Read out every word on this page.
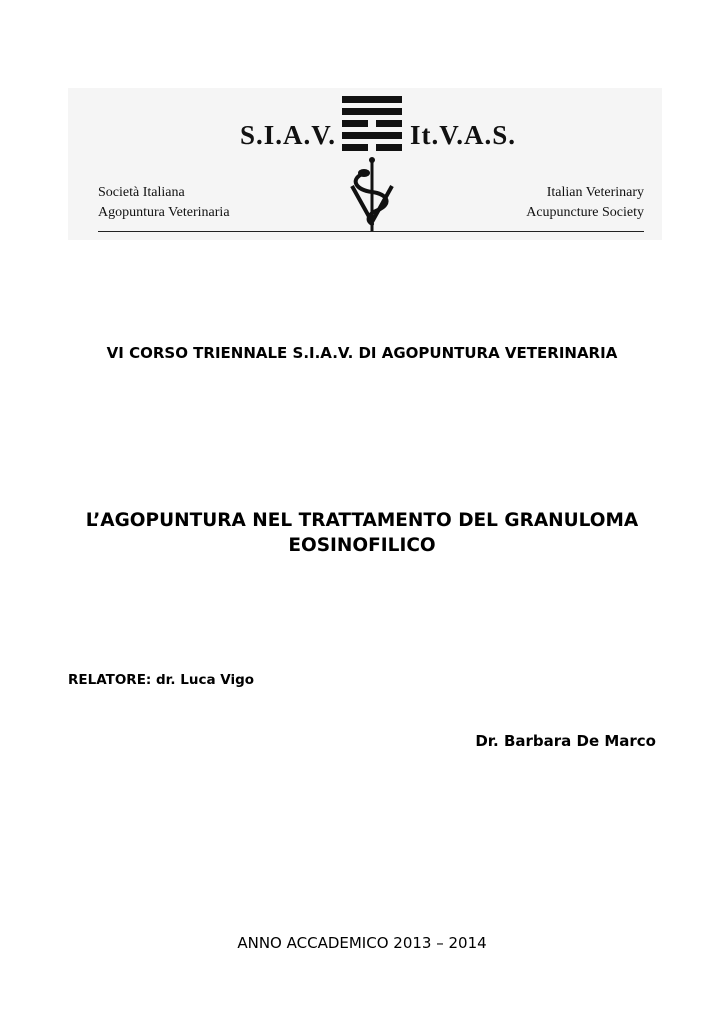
S.I.A.V.	It.V.A.S.
Società Italiana
Agopuntura Veterinaria
Italian Veterinary
Acupuncture Society
VI CORSO TRIENNALE S.I.A.V. DI AGOPUNTURA VETERINARIA
L’AGOPUNTURA NEL TRATTAMENTO DEL GRANULOMA
EOSINOFILICO
RELATORE: dr. Luca Vigo
Dr. Barbara De Marco
ANNO ACCADEMICO 2013 – 2014
